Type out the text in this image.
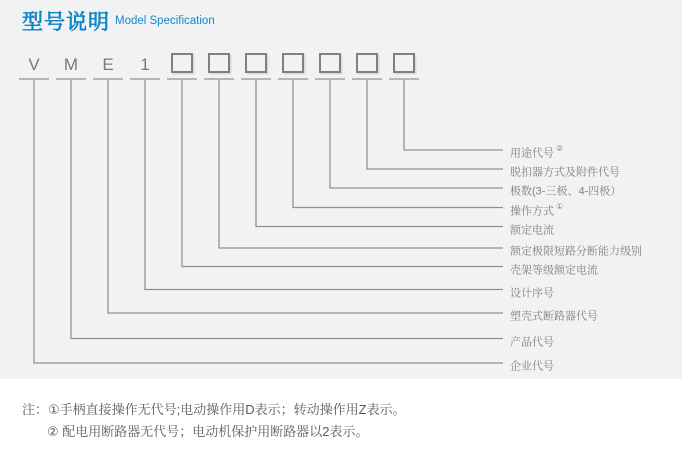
型号说明 Model Specification
V	M	E	1
用途代号 ②
脱扣器方式及附件代号
极数(3-三极、4-四极）
操作方式 ①
额定电流
额定极限短路分断能力级别
壳架等级额定电流
设计序号
塑壳式断路器代号
产品代号
企业代号
注：①手柄直接操作无代号;电动操作用D表示；转动操作用Z表示。
② 配电用断路器无代号；电动机保护用断路器以2表示。
